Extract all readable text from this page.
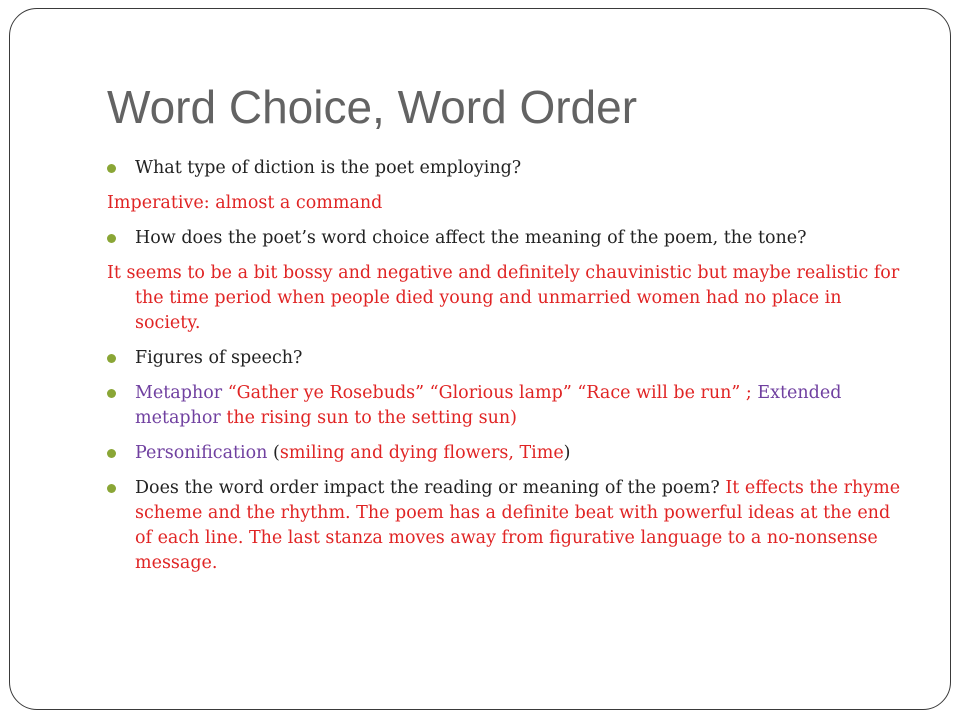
Word Choice, Word Order
What type of diction is the poet employing?
Imperative: almost a command
How does the poet’s word choice affect the meaning of the poem, the tone?
It seems to be a bit bossy and negative and definitely chauvinistic but maybe realistic for the time period when people died young and unmarried women had no place in society.
Figures of speech?
Metaphor “Gather ye Rosebuds” “Glorious lamp” “Race will be run” ; Extended metaphor the rising sun to the setting sun)
Personification (smiling and dying flowers, Time)
Does the word order impact the reading or meaning of the poem? It effects the rhyme scheme and the rhythm. The poem has a definite beat with powerful ideas at the end of each line. The last stanza moves away from figurative language to a no-nonsense message.
